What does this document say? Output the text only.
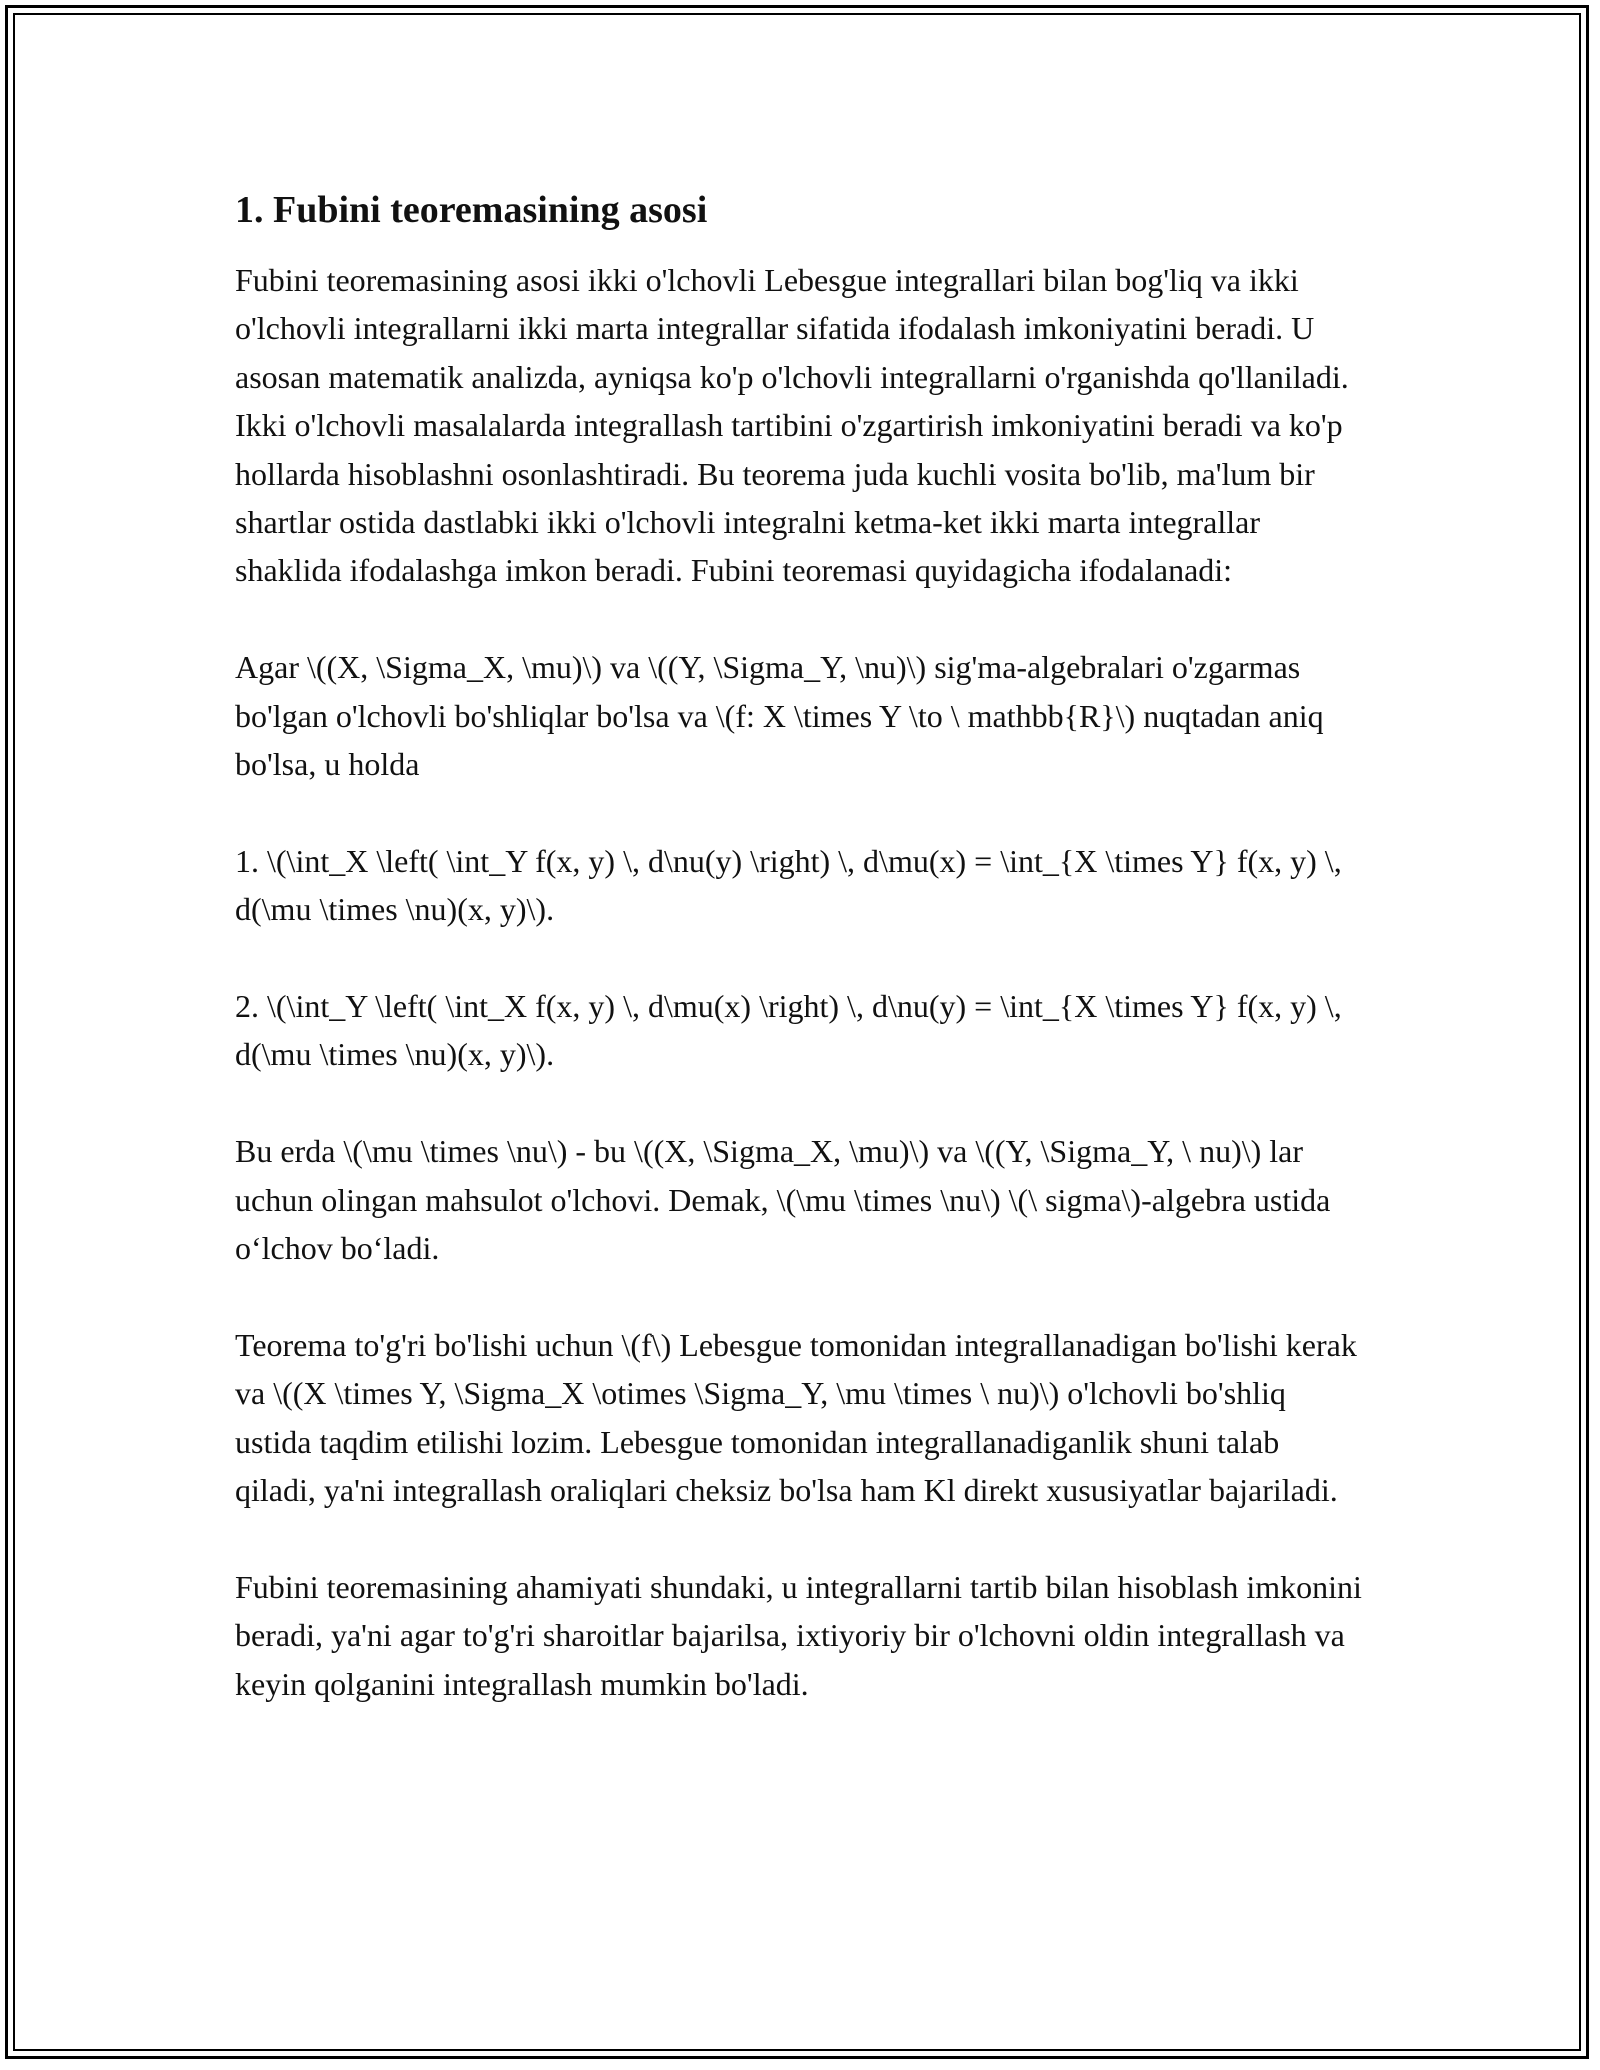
1. Fubini teoremasining asosi

Fubini teoremasining asosi ikki o'lchovli Lebesgue integrallari bilan bog'liq va ikki o'lchovli integrallarni ikki marta integrallar sifatida ifodalash imkoniyatini beradi. U asosan matematik analizda, ayniqsa ko'p o'lchovli integrallarni o'rganishda qo'llaniladi. Ikki o'lchovli masalalarda integrallash tartibini o'zgartirish imkoniyatini beradi va ko'p hollarda hisoblashni osonlashtiradi. Bu teorema juda kuchli vosita bo'lib, ma'lum bir shartlar ostida dastlabki ikki o'lchovli integralni ketma-ket ikki marta integrallar shaklida ifodalashga imkon beradi. Fubini teoremasi quyidagicha ifodalanadi:

Agar \((X, \Sigma_X, \mu)\) va \((Y, \Sigma_Y, \nu)\) sig'ma-algebralari o'zgarmas bo'lgan o'lchovli bo'shliqlar bo'lsa va \(f: X \times Y \to \ mathbb{R}\) nuqtadan aniq bo'lsa, u holda

1. \(\int_X \left( \int_Y f(x, y) \, d\nu(y) \right) \, d\mu(x) = \int_{X \times Y} f(x, y) \, d(\mu \times \nu)(x, y)\).

2. \(\int_Y \left( \int_X f(x, y) \, d\mu(x) \right) \, d\nu(y) = \int_{X \times Y} f(x, y) \, d(\mu \times \nu)(x, y)\).

Bu erda \(\mu \times \nu\) - bu \((X, \Sigma_X, \mu)\) va \((Y, \Sigma_Y, \ nu)\) lar uchun olingan mahsulot o'lchovi. Demak, \(\mu \times \nu\) \(\ sigma\)-algebra ustida o‘lchov bo‘ladi.

Teorema to'g'ri bo'lishi uchun \(f\) Lebesgue tomonidan integrallanadigan bo'lishi kerak va \((X \times Y, \Sigma_X \otimes \Sigma_Y, \mu \times \ nu)\) o'lchovli bo'shliq ustida taqdim etilishi lozim. Lebesgue tomonidan integrallanadiganlik shuni talab qiladi, ya'ni integrallash oraliqlari cheksiz bo'lsa ham Kl direkt xususiyatlar bajariladi.

Fubini teoremasining ahamiyati shundaki, u integrallarni tartib bilan hisoblash imkonini beradi, ya'ni agar to'g'ri sharoitlar bajarilsa, ixtiyoriy bir o'lchovni oldin integrallash va keyin qolganini integrallash mumkin bo'ladi.
